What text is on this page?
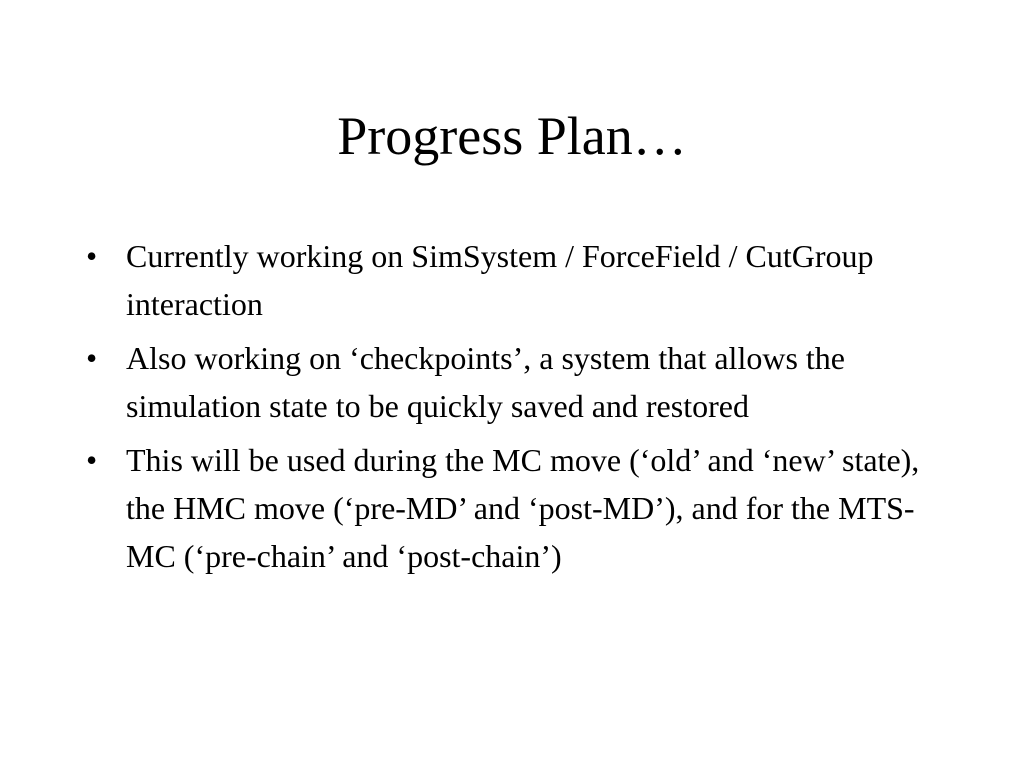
Progress Plan…
• Currently working on SimSystem / ForceField / CutGroup interaction
• Also working on ‘checkpoints’, a system that allows the simulation state to be quickly saved and restored
• This will be used during the MC move (‘old’ and ‘new’ state), the HMC move (‘pre-MD’ and ‘post-MD’), and for the MTS-MC (‘pre-chain’ and ‘post-chain’)
